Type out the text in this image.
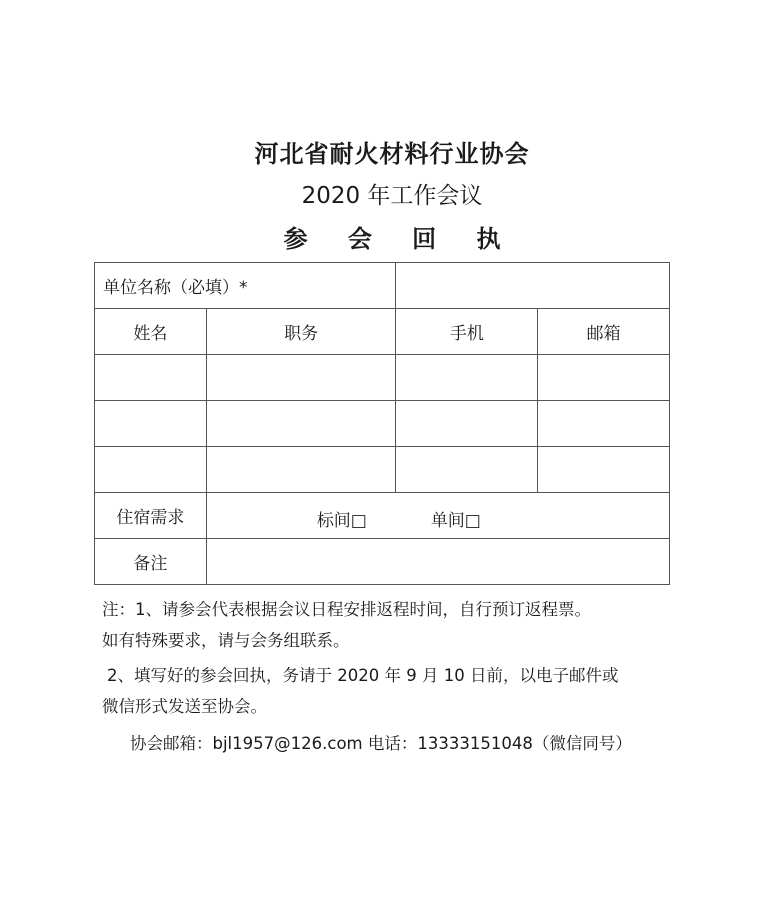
河北省耐火材料行业协会
2020 年工作会议
参 会 回 执
单位名称（必填）*			
姓名	职务	手机	邮箱

住宿需求	标间□ 单间□		

备注			
注：1、请参会代表根据会议日程安排返程时间，自行预订返程票。
如有特殊要求，请与会务组联系。
2、填写好的参会回执，务请于 2020 年 9 月 10 日前，以电子邮件或
微信形式发送至协会。
协会邮箱：bjl1957@126.com 电话：13333151048（微信同号）
